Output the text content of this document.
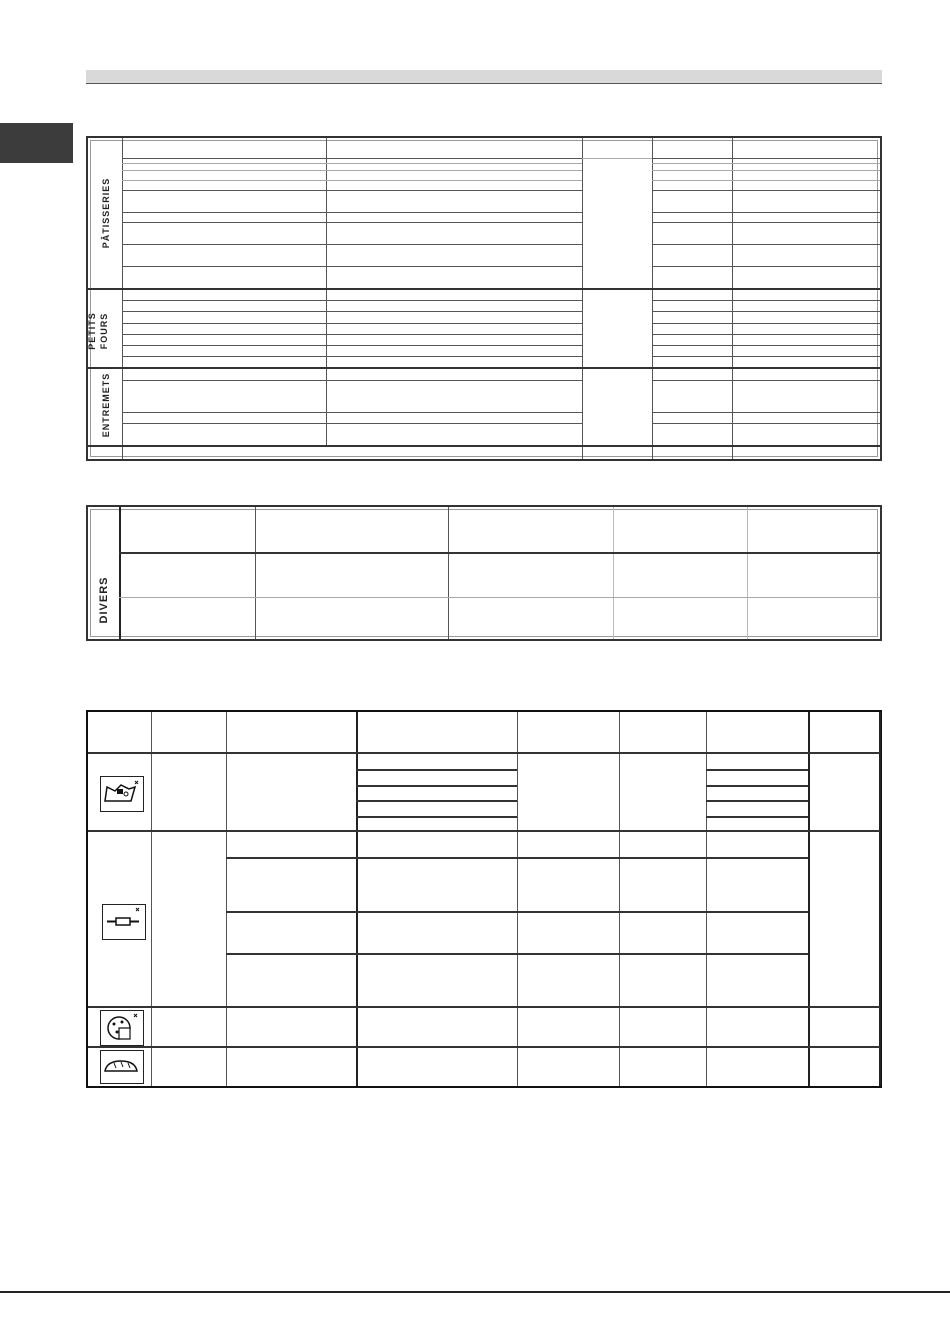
PÂTISSERIES
PETITS FOURS
ENTREMETS
DIVERS
